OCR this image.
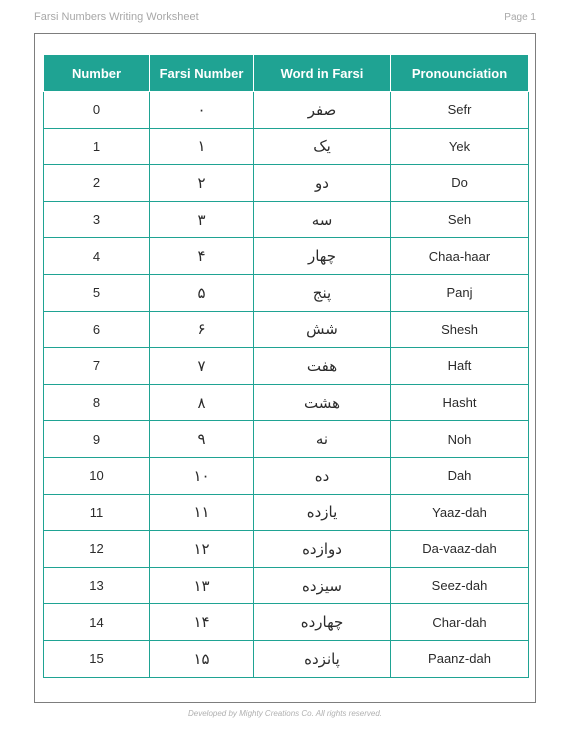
Farsi Numbers Writing Worksheet	Page 1
Number	Farsi Number	Word in Farsi	Pronounciation
0	۰	صفر	Sefr
1	۱	یک	Yek
2	۲	دو	Do
3	۳	سه	Seh
4	۴	چهار	Chaa-haar
5	۵	پنج	Panj
6	۶	شش	Shesh
7	۷	هفت	Haft
8	۸	هشت	Hasht
9	۹	نه	Noh
10	۱۰	ده	Dah
11	۱۱	یازده	Yaaz-dah
12	۱۲	دوازده	Da-vaaz-dah
13	۱۳	سیزده	Seez-dah
14	۱۴	چهارده	Char-dah
15	۱۵	پانزده	Paanz-dah
Developed by Mighty Creations Co. All rights reserved.
